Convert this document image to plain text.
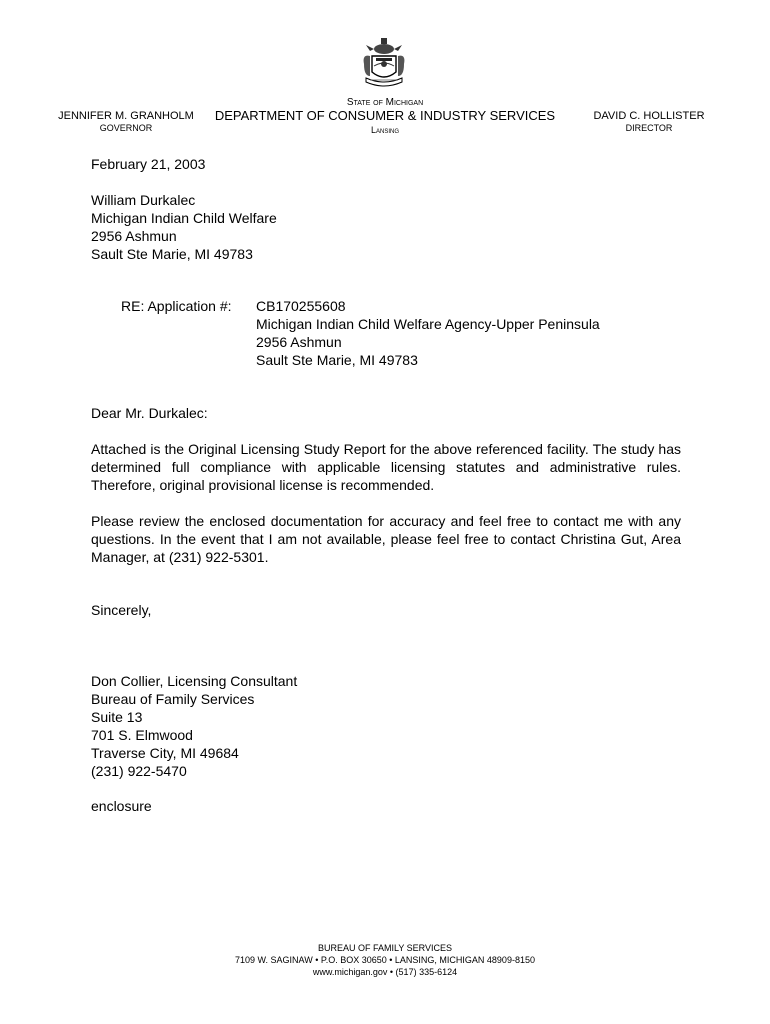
State of Michigan
JENNIFER M. GRANHOLM
GOVERNOR
DEPARTMENT OF CONSUMER & INDUSTRY SERVICES
Lansing
DAVID C. HOLLISTER
DIRECTOR
February 21, 2003
William Durkalec
Michigan Indian Child Welfare
2956 Ashmun
Sault Ste Marie, MI 49783
RE: Application #: CB170255608
Michigan Indian Child Welfare Agency-Upper Peninsula
2956 Ashmun
Sault Ste Marie, MI 49783
Dear Mr. Durkalec:
Attached is the Original Licensing Study Report for the above referenced facility. The study has determined full compliance with applicable licensing statutes and administrative rules. Therefore, original provisional license is recommended.
Please review the enclosed documentation for accuracy and feel free to contact me with any questions. In the event that I am not available, please feel free to contact Christina Gut, Area Manager, at (231) 922-5301.
Sincerely,
Don Collier, Licensing Consultant
Bureau of Family Services
Suite 13
701 S. Elmwood
Traverse City, MI 49684
(231) 922-5470
enclosure
BUREAU OF FAMILY SERVICES
7109 W. SAGINAW • P.O. BOX 30650 • LANSING, MICHIGAN 48909-8150
www.michigan.gov • (517) 335-6124
